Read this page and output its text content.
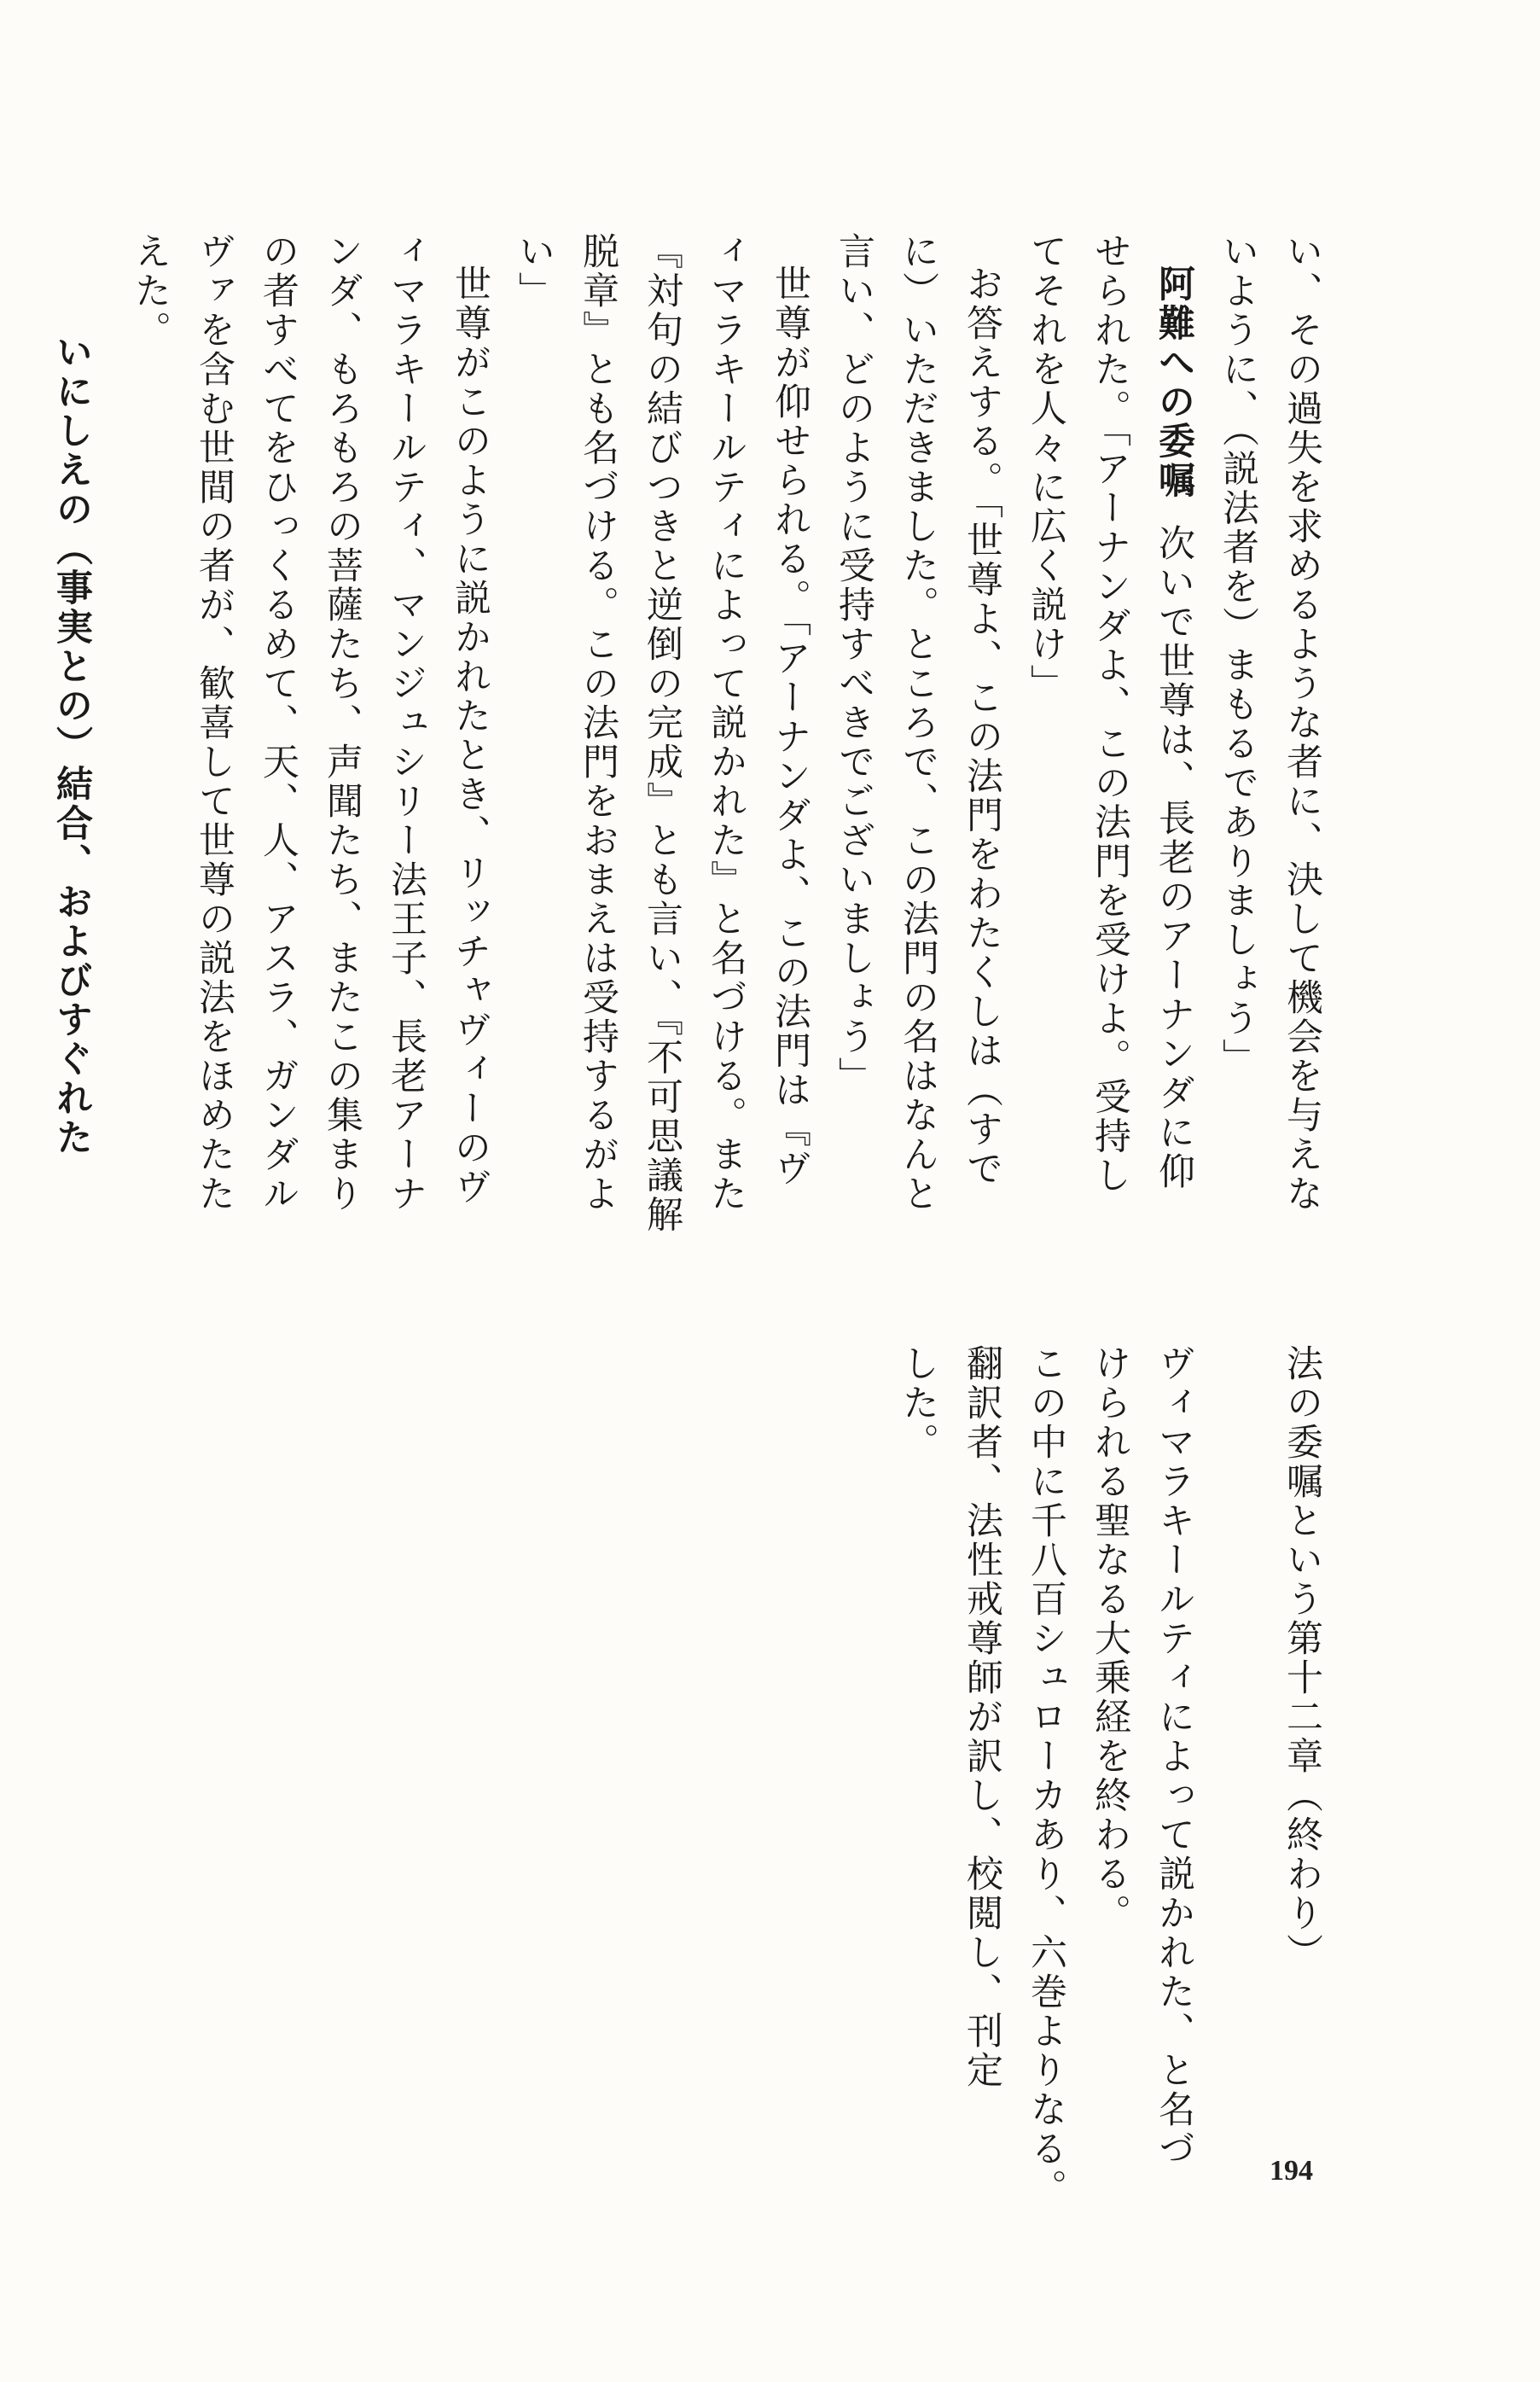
い、その過失を求めるような者に、決して機会を与えな
いように、（説法者を）まもるでありましょう」
阿難への委嘱次いで世尊は、長老のアーナンダに仰
せられた。「アーナンダよ、この法門を受けよ。受持し
てそれを人々に広く説け」
お答えする。「世尊よ、この法門をわたくしは（すで
に）いただきました。ところで、この法門の名はなんと
言い、どのように受持すべきでございましょう」
世尊が仰せられる。「アーナンダよ、この法門は『ヴ
ィマラキールティによって説かれた』と名づける。また
『対句の結びつきと逆倒の完成』とも言い、『不可思議解
脱章』とも名づける。この法門をおまえは受持するがよ
い」
世尊がこのように説かれたとき、リッチャヴィーのヴ
ィマラキールティ、マンジュシリー法王子、長老アーナ
ンダ、もろもろの菩薩たち、声聞たち、またこの集まり
の者すべてをひっくるめて、天、人、アスラ、ガンダル
ヴァを含む世間の者が、歓喜して世尊の説法をほめたた
えた。
いにしえの（事実との）結合、およびすぐれた
法の委嘱という第十二章（終わり）
ヴィマラキールティによって説かれた、と名づ
けられる聖なる大乗経を終わる。
この中に千八百シュローカあり、六巻よりなる。
翻訳者、法性戒尊師が訳し、校閲し、刊定
した。
194
